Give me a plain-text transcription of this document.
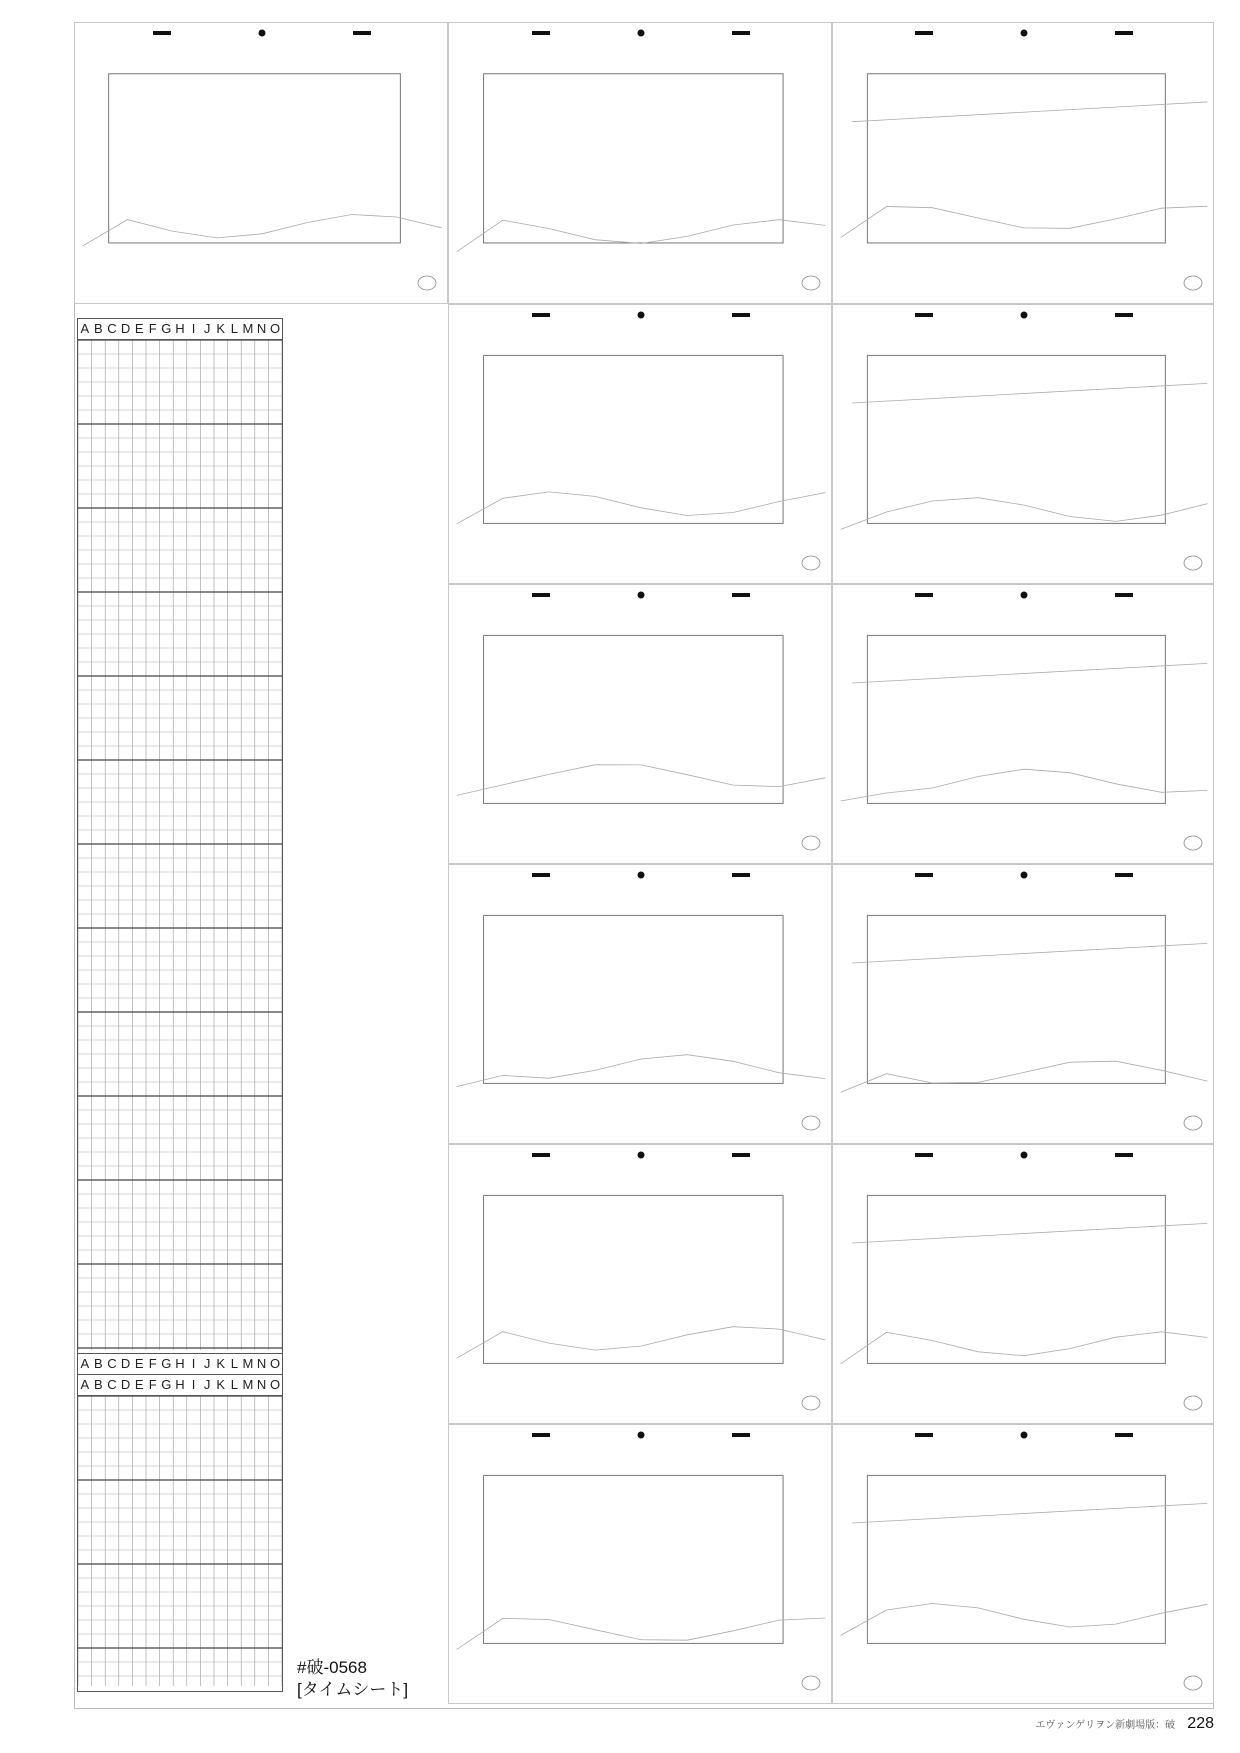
A B C D E F G H I J K L M N O
A B C D E F G H I J K L M N O
A B C D E F G H I J K L M N O
#破-0568
[タイムシート]
エヴァンゲリヲン新劇場版：破 228
